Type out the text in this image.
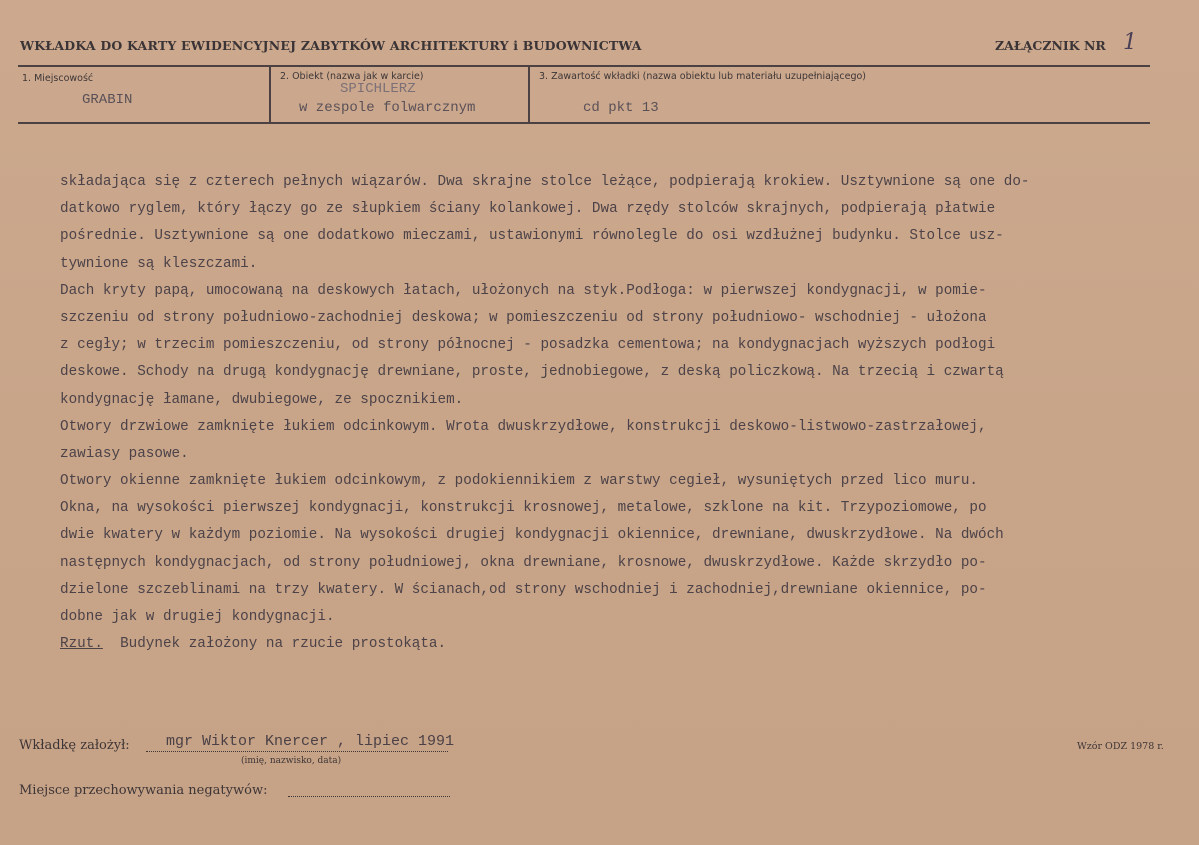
WKŁADKA DO KARTY EWIDENCYJNEJ ZABYTKÓW ARCHITEKTURY i BUDOWNICTWA	ZAŁĄCZNIK NR 1
1. Miejscowość
GRABIN
2. Obiekt (nazwa jak w karcie)
SPICHLERZ
w zespole folwarcznym
3. Zawartość wkładki (nazwa obiektu lub materiału uzupełniającego)
cd pkt 13
składająca się z czterech pełnych wiązarów. Dwa skrajne stolce leżące, podpierają krokiew. Usztywnione są one do-
datkowo ryglem, który łączy go ze słupkiem ściany kolankowej. Dwa rzędy stolców skrajnych, podpierają płatwie
pośrednie. Usztywnione są one dodatkowo mieczami, ustawionymi równolegle do osi wzdłużnej budynku. Stolce usz-
tywnione są kleszczami.
Dach kryty papą, umocowaną na deskowych łatach, ułożonych na styk.Podłoga: w pierwszej kondygnacji, w pomie-
szczeniu od strony południowo-zachodniej deskowa; w pomieszczeniu od strony południowo- wschodniej - ułożona
z cegły; w trzecim pomieszczeniu, od strony północnej - posadzka cementowa; na kondygnacjach wyższych podłogi
deskowe. Schody na drugą kondygnację drewniane, proste, jednobiegowe, z deską policzkową. Na trzecią i czwartą
kondygnację łamane, dwubiegowe, ze spocznikiem.
Otwory drzwiowe zamknięte łukiem odcinkowym. Wrota dwuskrzydłowe, konstrukcji deskowo-listwowo-zastrzałowej,
zawiasy pasowe.
Otwory okienne zamknięte łukiem odcinkowym, z podokiennikiem z warstwy cegieł, wysuniętych przed lico muru.
Okna, na wysokości pierwszej kondygnacji, konstrukcji krosnowej, metalowe, szklone na kit. Trzypoziomowe, po
dwie kwatery w każdym poziomie. Na wysokości drugiej kondygnacji okiennice, drewniane, dwuskrzydłowe. Na dwóch
następnych kondygnacjach, od strony południowej, okna drewniane, krosnowe, dwuskrzydłowe. Każde skrzydło po-
dzielone szczeblinami na trzy kwatery. W ścianach,od strony wschodniej i zachodniej,drewniane okiennice, po-
dobne jak w drugiej kondygnacji.
Rzut.  Budynek założony na rzucie prostokąta.
Wkładkę założył: mgr Wiktor Knercer , lipiec 1991
(imię, nazwisko, data)
Wzór ODZ 1978 r.
Miejsce przechowywania negatywów:
